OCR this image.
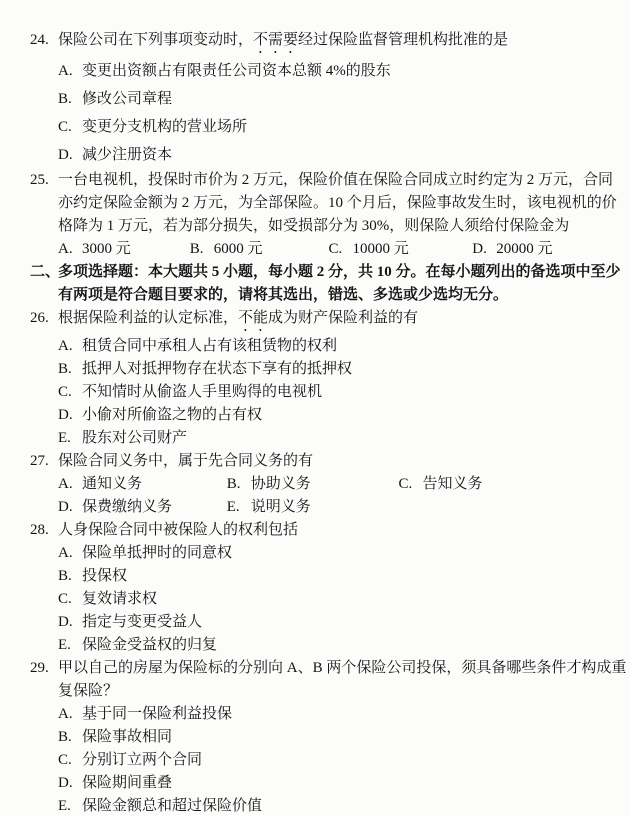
24. 保险公司在下列事项变动时，不需要经过保险监督管理机构批准的是
A. 变更出资额占有限责任公司资本总额 4%的股东
B. 修改公司章程
C. 变更分支机构的营业场所
D. 减少注册资本
25. 一台电视机，投保时市价为 2 万元，保险价值在保险合同成立时约定为 2 万元，合同
亦约定保险金额为 2 万元，为全部保险。10 个月后，保险事故发生时，该电视机的价
格降为 1 万元，若为部分损失，如受损部分为 30%，则保险人须给付保险金为
A. 3000 元	B. 6000 元	C. 10000 元	D. 20000 元
二、
多项选择题：本大题共 5 小题，每小题 2 分，共 10 分。在每小题列出的备选项中至少
有两项是符合题目要求的，请将其选出，错选、多选或少选均无分。
26. 根据保险利益的认定标准，不能成为财产保险利益的有
A. 租赁合同中承租人占有该租赁物的权利
B. 抵押人对抵押物存在状态下享有的抵押权
C. 不知情时从偷盗人手里购得的电视机
D. 小偷对所偷盗之物的占有权
E. 股东对公司财产
27. 保险合同义务中，属于先合同义务的有
A. 通知义务	B. 协助义务	C. 告知义务
D. 保费缴纳义务	E. 说明义务
28. 人身保险合同中被保险人的权利包括
A. 保险单抵押时的同意权
B. 投保权
C. 复效请求权
D. 指定与变更受益人
E. 保险金受益权的归复
29. 甲以自己的房屋为保险标的分别向 A、B 两个保险公司投保，须具备哪些条件才构成重
复保险？
A. 基于同一保险利益投保
B. 保险事故相同
C. 分别订立两个合同
D. 保险期间重叠
E. 保险金额总和超过保险价值
